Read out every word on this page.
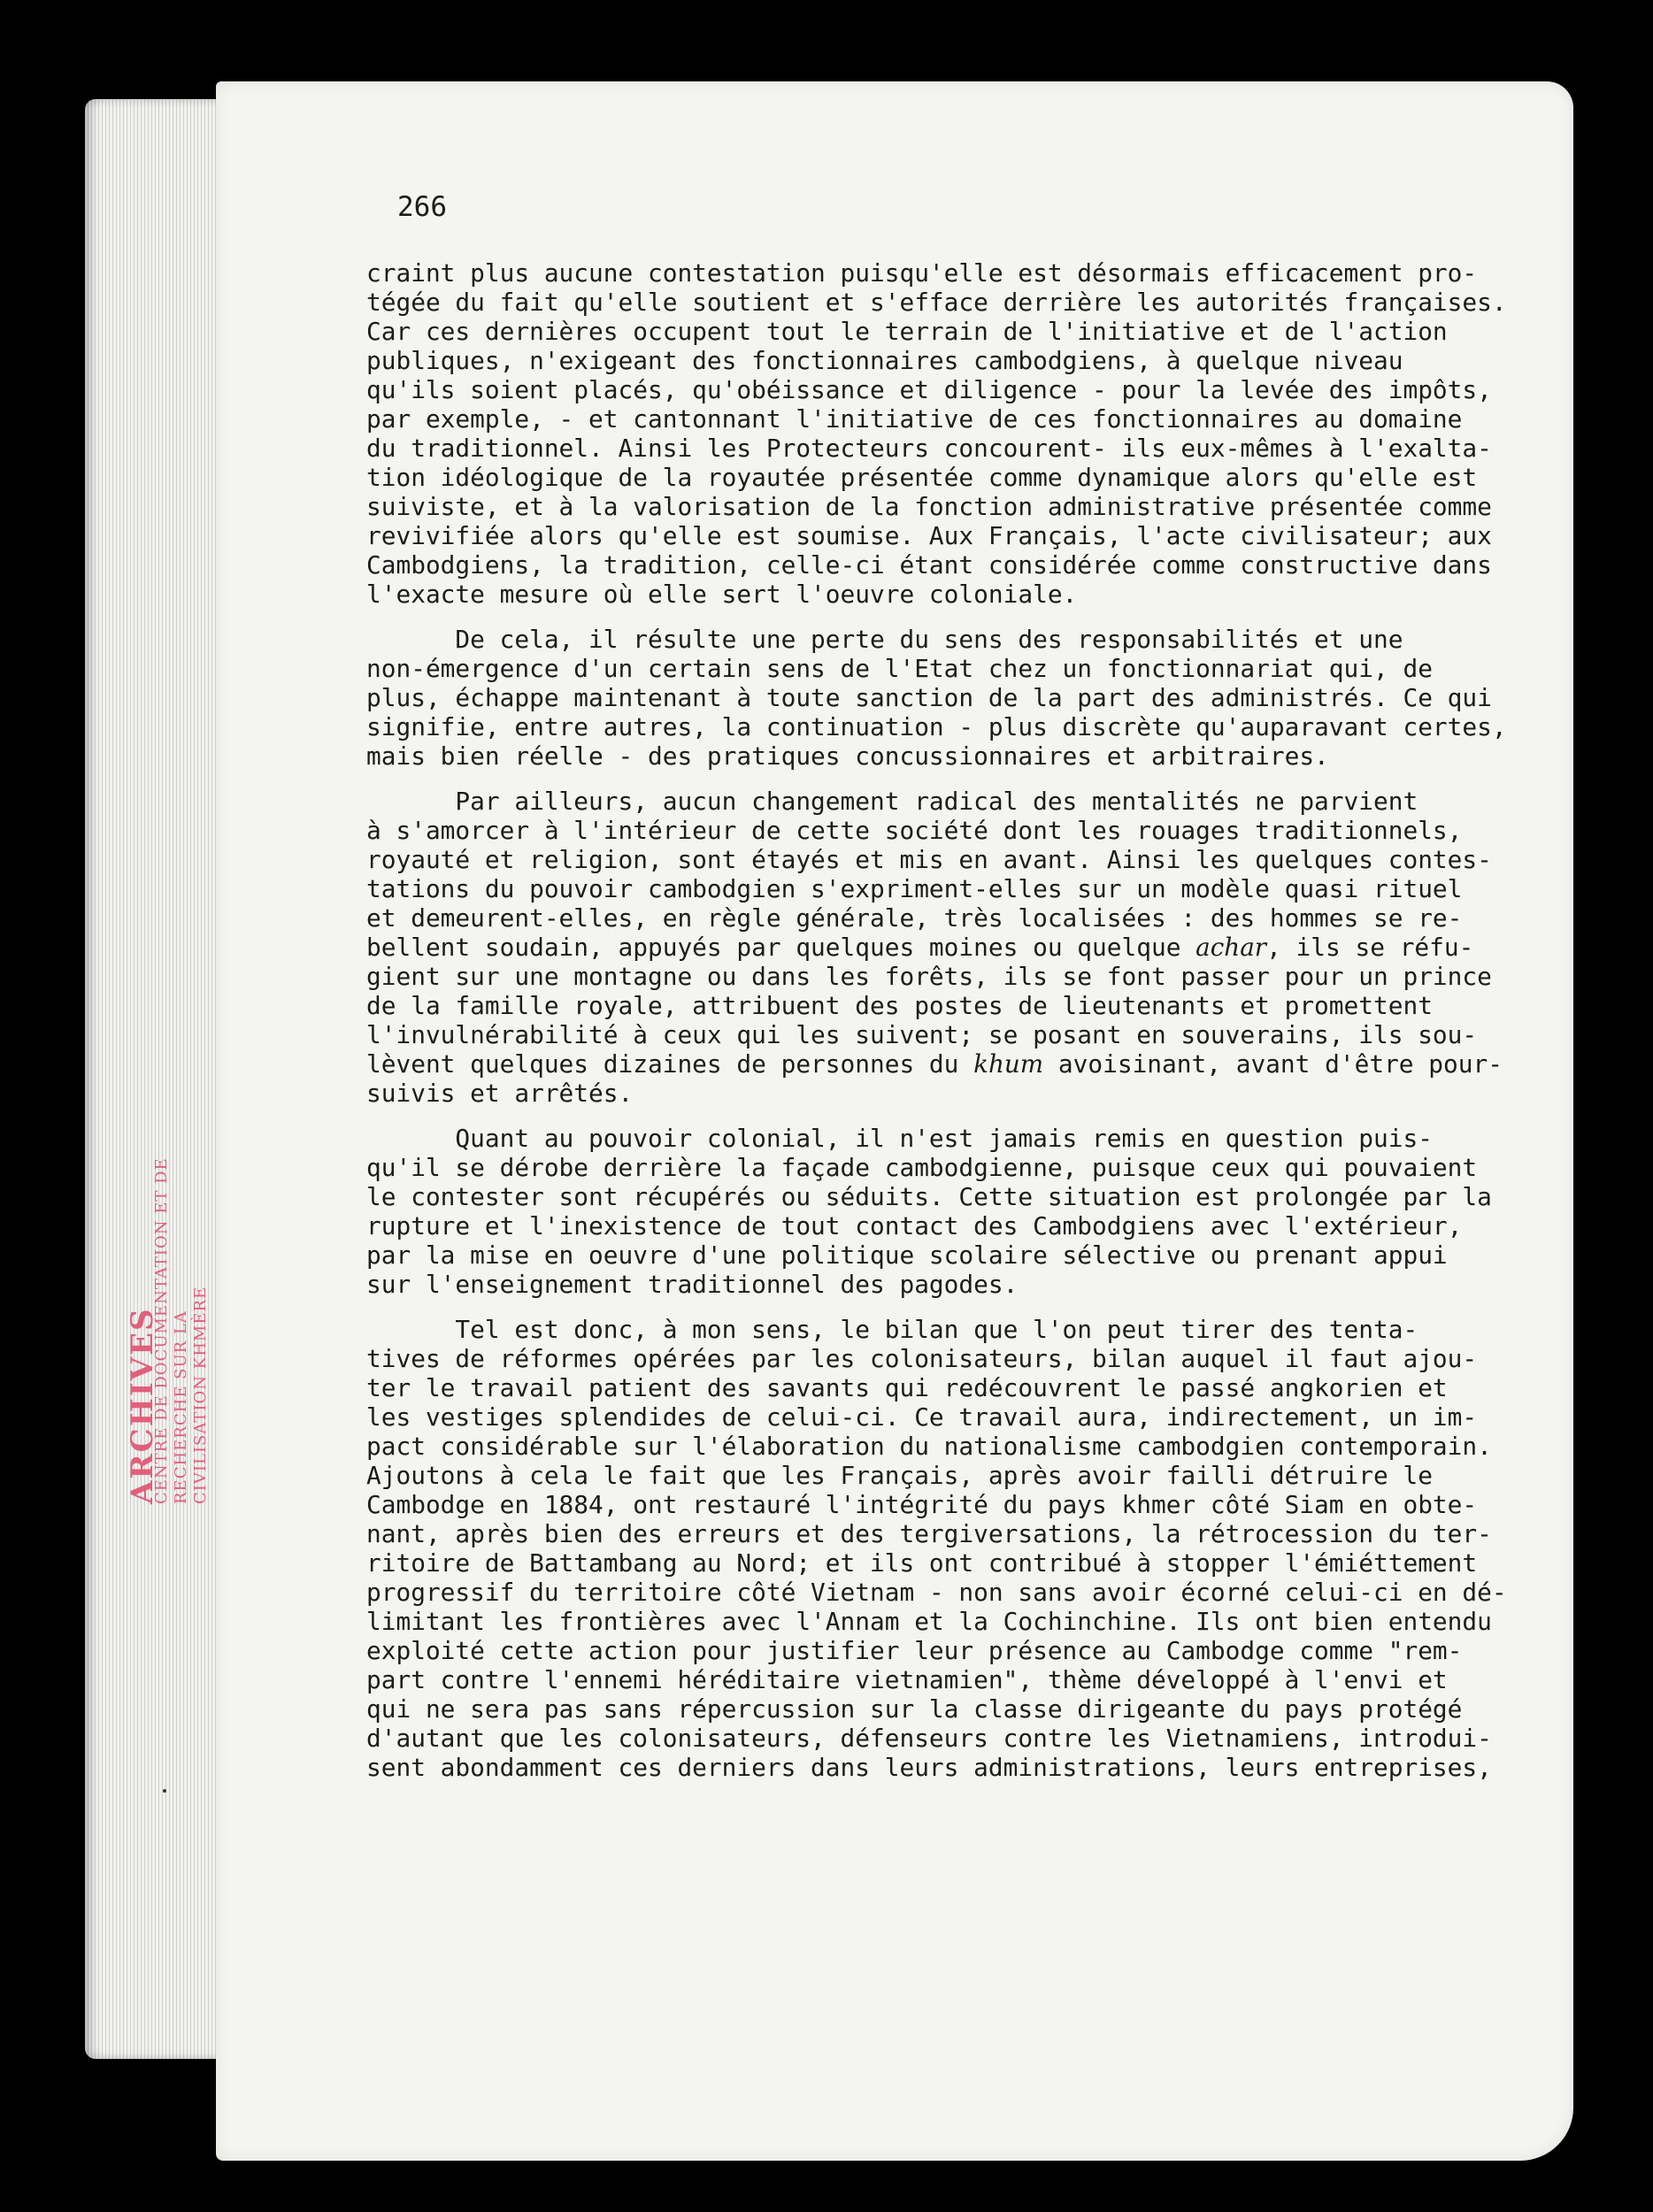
ARCHIVES
CENTRE DE DOCUMENTATION ET DE RECHERCHE SUR LA CIVILISATION KHMÈRE
266
craint plus aucune contestation puisqu'elle est désormais efficacement pro-
tégée du fait qu'elle soutient et s'efface derrière les autorités françaises.
Car ces dernières occupent tout le terrain de l'initiative et de l'action
publiques, n'exigeant des fonctionnaires cambodgiens, à quelque niveau
qu'ils soient placés, qu'obéissance et diligence - pour la levée des impôts,
par exemple, - et cantonnant l'initiative de ces fonctionnaires au domaine
du traditionnel. Ainsi les Protecteurs concourent- ils eux-mêmes à l'exalta-
tion idéologique de la royautée présentée comme dynamique alors qu'elle est
suiviste, et à la valorisation de la fonction administrative présentée comme
revivifiée alors qu'elle est soumise. Aux Français, l'acte civilisateur; aux
Cambodgiens, la tradition, celle-ci étant considérée comme constructive dans
l'exacte mesure où elle sert l'oeuvre coloniale.
De cela, il résulte une perte du sens des responsabilités et une
non-émergence d'un certain sens de l'Etat chez un fonctionnariat qui, de
plus, échappe maintenant à toute sanction de la part des administrés. Ce qui
signifie, entre autres, la continuation - plus discrète qu'auparavant certes,
mais bien réelle - des pratiques concussionnaires et arbitraires.
Par ailleurs, aucun changement radical des mentalités ne parvient
à s'amorcer à l'intérieur de cette société dont les rouages traditionnels,
royauté et religion, sont étayés et mis en avant. Ainsi les quelques contes-
tations du pouvoir cambodgien s'expriment-elles sur un modèle quasi rituel
et demeurent-elles, en règle générale, très localisées : des hommes se re-
bellent soudain, appuyés par quelques moines ou quelque achar, ils se réfu-
gient sur une montagne ou dans les forêts, ils se font passer pour un prince
de la famille royale, attribuent des postes de lieutenants et promettent
l'invulnérabilité à ceux qui les suivent; se posant en souverains, ils sou-
lèvent quelques dizaines de personnes du khum avoisinant, avant d'être pour-
suivis et arrêtés.
Quant au pouvoir colonial, il n'est jamais remis en question puis-
qu'il se dérobe derrière la façade cambodgienne, puisque ceux qui pouvaient
le contester sont récupérés ou séduits. Cette situation est prolongée par la
rupture et l'inexistence de tout contact des Cambodgiens avec l'extérieur,
par la mise en oeuvre d'une politique scolaire sélective ou prenant appui
sur l'enseignement traditionnel des pagodes.
Tel est donc, à mon sens, le bilan que l'on peut tirer des tenta-
tives de réformes opérées par les colonisateurs, bilan auquel il faut ajou-
ter le travail patient des savants qui redécouvrent le passé angkorien et
les vestiges splendides de celui-ci. Ce travail aura, indirectement, un im-
pact considérable sur l'élaboration du nationalisme cambodgien contemporain.
Ajoutons à cela le fait que les Français, après avoir failli détruire le
Cambodge en 1884, ont restauré l'intégrité du pays khmer côté Siam en obte-
nant, après bien des erreurs et des tergiversations, la rétrocession du ter-
ritoire de Battambang au Nord; et ils ont contribué à stopper l'émiéttement
progressif du territoire côté Vietnam - non sans avoir écorné celui-ci en dé-
limitant les frontières avec l'Annam et la Cochinchine. Ils ont bien entendu
exploité cette action pour justifier leur présence au Cambodge comme "rem-
part contre l'ennemi héréditaire vietnamien", thème développé à l'envi et
qui ne sera pas sans répercussion sur la classe dirigeante du pays protégé
d'autant que les colonisateurs, défenseurs contre les Vietnamiens, introdui-
sent abondamment ces derniers dans leurs administrations, leurs entreprises,
